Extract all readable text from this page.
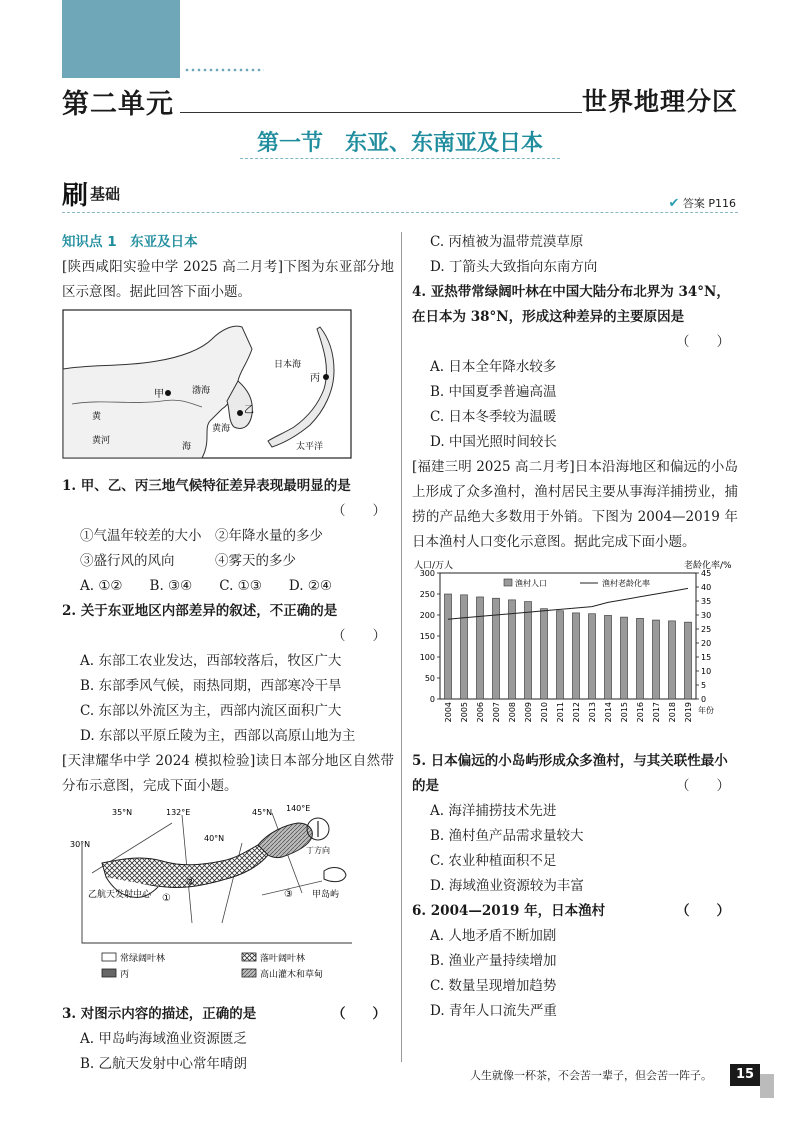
第二单元	世界地理分区
第一节　东亚、东南亚及日本
刷 基础
✔ 答案 P116
知识点 1　东亚及日本
[陕西咸阳实验中学 2025 高二月考]下图为东亚部分地区示意图。据此回答下面小题。
甲
乙
丙
日本海
渤海
黄海
黄
黄河
海	太平洋
1. 甲、乙、丙三地气候特征差异表现最明显的是
（　　）
①气温年较差的大小　②年降水量的多少
③盛行风的风向　　　④雾天的多少
A. ①②　　B. ③④　　C. ①③　　D. ②④
2. 关于东亚地区内部差异的叙述，不正确的是
（　　）
A. 东部工农业发达，西部较落后，牧区广大
B. 东部季风气候，雨热同期，西部寒冷干旱
C. 东部以外流区为主，西部内流区面积广大
D. 东部以平原丘陵为主，西部以高原山地为主
[天津耀华中学 2024 模拟检验]读日本部分地区自然带分布示意图，完成下面小题。
35°N	132°E
30°N
40°N
45°N 140°E
丁方向
乙航天发射中心	甲岛屿
①
②
③
常绿阔叶林	落叶阔叶林
丙	高山灌木和草甸
3. 对图示内容的描述，正确的是	（　　）
A. 甲岛屿海域渔业资源匮乏
B. 乙航天发射中心常年晴朗
C. 丙植被为温带荒漠草原
D. 丁箭头大致指向东南方向
4. 亚热带常绿阔叶林在中国大陆分布北界为 34°N，在日本为 38°N，形成这种差异的主要原因是
（　　）
A. 日本全年降水较多
B. 中国夏季普遍高温
C. 日本冬季较为温暖
D. 中国光照时间较长
[福建三明 2025 高二月考]日本沿海地区和偏远的小岛上形成了众多渔村，渔村居民主要从事海洋捕捞业，捕捞的产品绝大多数用于外销。下图为 2004—2019 年日本渔村人口变化示意图。据此完成下面小题。
0
50
100
150
200
250
300
0
5
10
15
20
25
30
35
40
45
人口/万人	老龄化率/%
2004 2005 2006 2007 2008 2009 2010 2011 2012 2013 2014 2015 2016 2017 2018 2019 年份
渔村人口	渔村老龄化率
5. 日本偏远的小岛屿形成众多渔村，与其关联性最小的是	（　　）
A. 海洋捕捞技术先进
B. 渔村鱼产品需求量较大
C. 农业种植面积不足
D. 海域渔业资源较为丰富
6. 2004—2019 年，日本渔村	（　　）
A. 人地矛盾不断加剧
B. 渔业产量持续增加
C. 数量呈现增加趋势
D. 青年人口流失严重
人生就像一杯茶，不会苦一辈子，但会苦一阵子。	15
